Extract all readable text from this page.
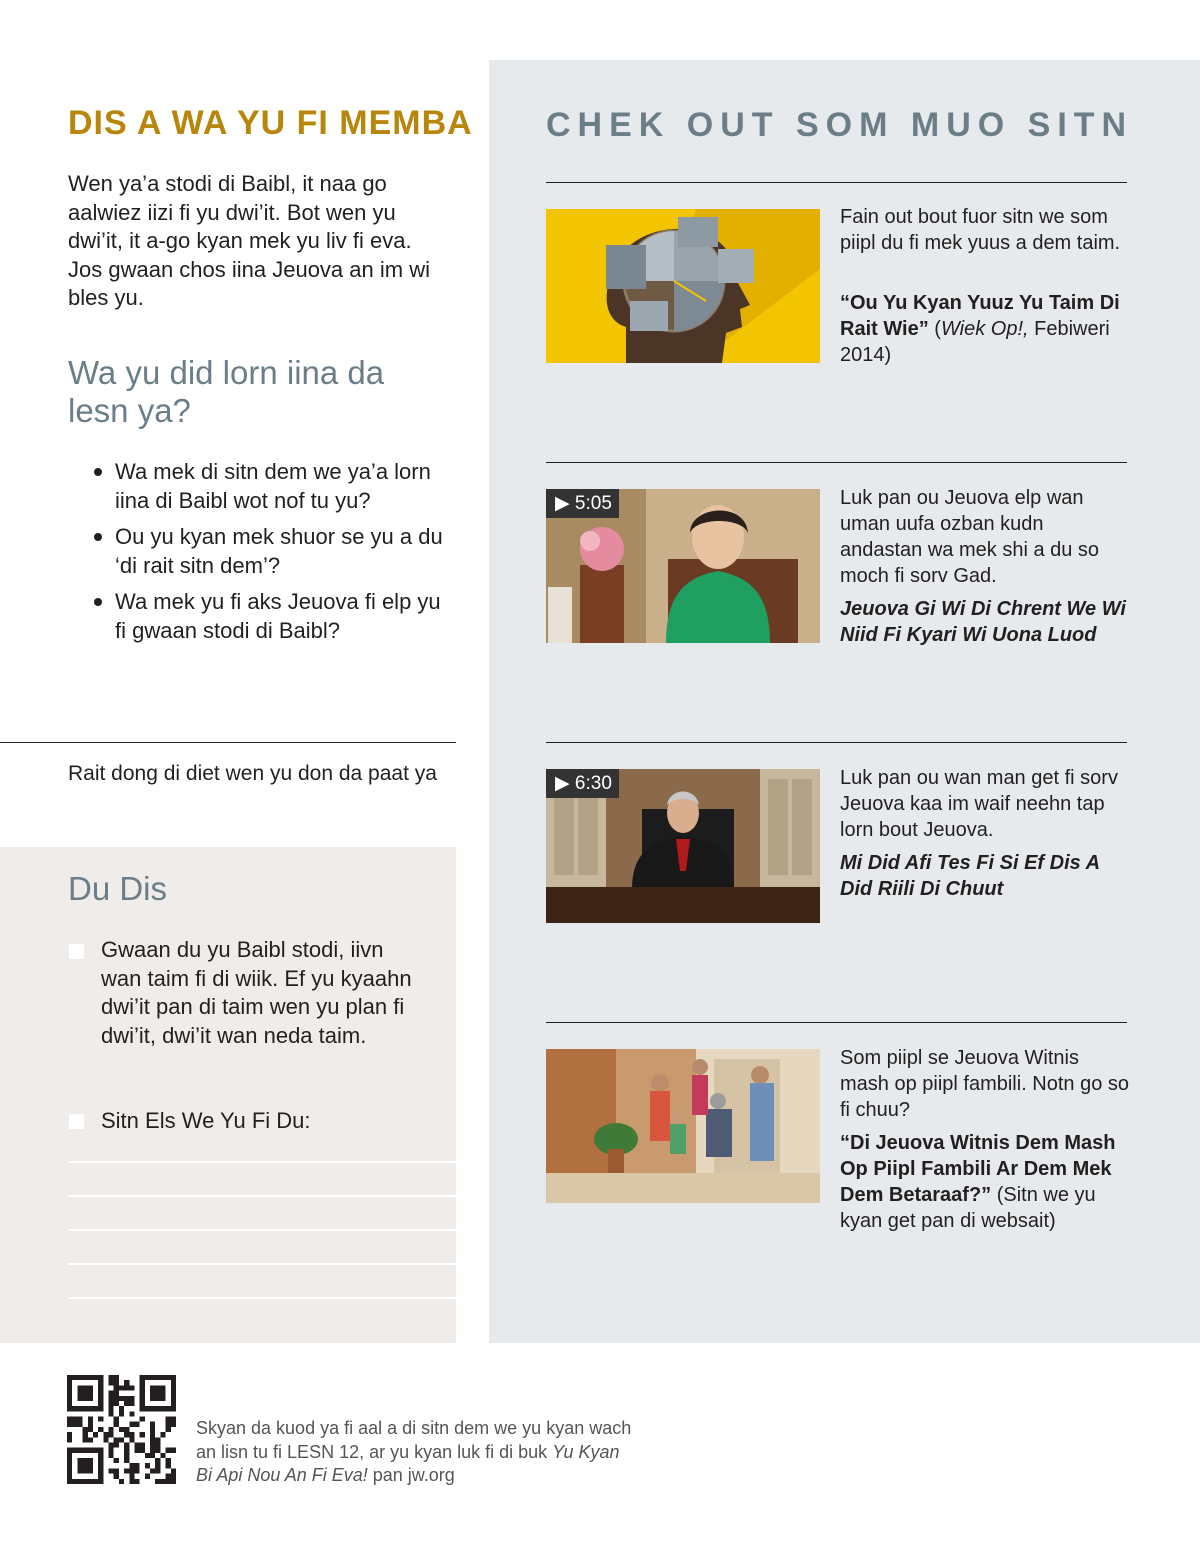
DIS A WA YU FI MEMBA

Wen ya’a stodi di Baibl, it naa go aalwiez iizi fi yu dwi’it. Bot wen yu dwi’it, it a-go kyan mek yu liv fi eva. Jos gwaan chos iina Jeuova an im wi bles yu.

Wa yu did lorn iina da lesn ya?
Wa mek di sitn dem we ya’a lorn iina di Baibl wot nof tu yu?
Ou yu kyan mek shuor se yu a du ‘di rait sitn dem’?
Wa mek yu fi aks Jeuova fi elp yu fi gwaan stodi di Baibl?

Rait dong di diet wen yu don da paat ya

Du Dis

Gwaan du yu Baibl stodi, iivn wan taim fi di wiik. Ef yu kyaahn dwi’it pan di taim wen yu plan fi dwi’it, dwi’it wan neda taim.

Sitn Els We Yu Fi Du:

CHEK OUT SOM MUO SITN

Fain out bout fuor sitn we som piipl du fi mek yuus a dem taim.

“Ou Yu Kyan Yuuz Yu Taim Di Rait Wie” (Wiek Op!, Febiweri 2014)

▶ 5:05	Luk pan ou Jeuova elp wan uman uufa ozban kudn andastan wa mek shi a du so moch fi sorv Gad.

Jeuova Gi Wi Di Chrent We Wi Niid Fi Kyari Wi Uona Luod

▶ 6:30	Luk pan ou wan man get fi sorv Jeuova kaa im waif neehn tap lorn bout Jeuova.

Mi Did Afi Tes Fi Si Ef Dis A Did Riili Di Chuut

Som piipl se Jeuova Witnis mash op piipl fambili. Notn go so fi chuu?

“Di Jeuova Witnis Dem Mash Op Piipl Fambili Ar Dem Mek Dem Betaraaf?” (Sitn we yu kyan get pan di websait)

Skyan da kuod ya fi aal a di sitn dem we yu kyan wach an lisn tu fi LESN 12, ar yu kyan luk fi di buk Yu Kyan Bi Api Nou An Fi Eva! pan jw.org
